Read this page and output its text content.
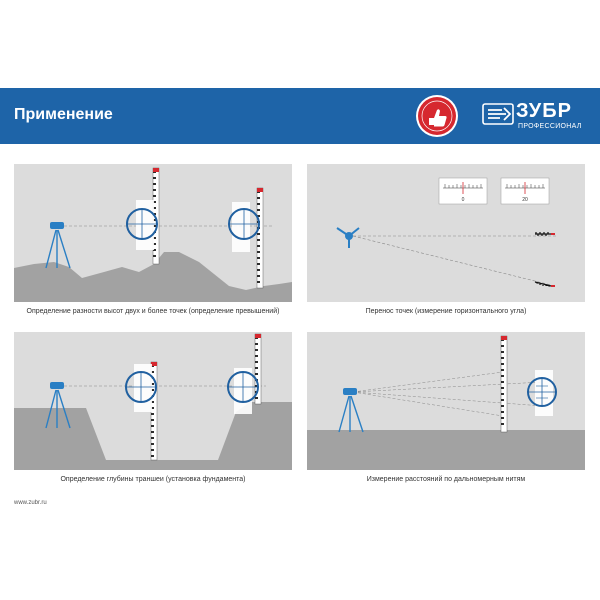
Применение	ЗУБР
ПРОФЕССИОНАЛ
Определение разности высот двух и более точек (определение превышений)
0	20
Перенос точек (измерение горизонтального угла)
Определение глубины траншеи (установка фундамента)	Измерение расстояний по дальномерным нитям
www.zubr.ru
